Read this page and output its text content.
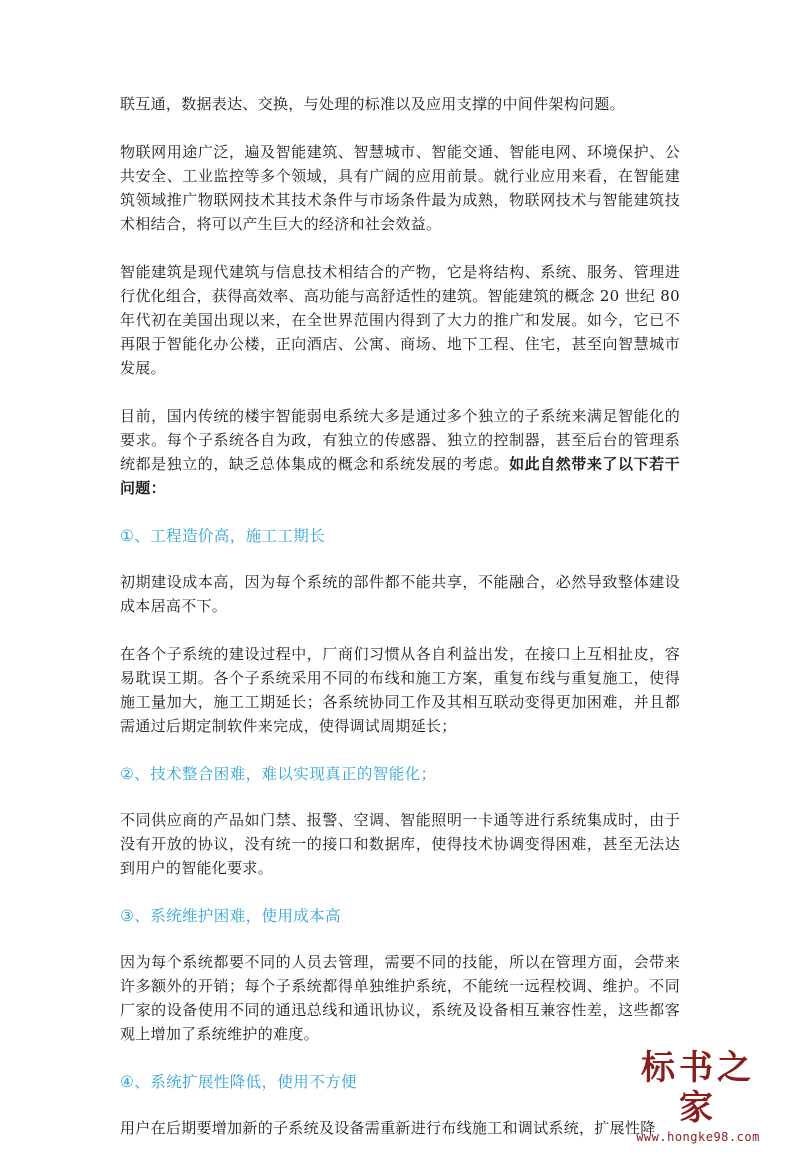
联互通，数据表达、交换，与处理的标准以及应用支撑的中间件架构问题。

物联网用途广泛，遍及智能建筑、智慧城市、智能交通、智能电网、环境保护、公共安全、工业监控等多个领域，具有广阔的应用前景。就行业应用来看，在智能建筑领域推广物联网技术其技术条件与市场条件最为成熟，物联网技术与智能建筑技术相结合，将可以产生巨大的经济和社会效益。

智能建筑是现代建筑与信息技术相结合的产物，它是将结构、系统、服务、管理进行优化组合，获得高效率、高功能与高舒适性的建筑。智能建筑的概念 20 世纪 80 年代初在美国出现以来，在全世界范围内得到了大力的推广和发展。如今，它已不再限于智能化办公楼，正向酒店、公寓、商场、地下工程、住宅，甚至向智慧城市发展。

目前，国内传统的楼宇智能弱电系统大多是通过多个独立的子系统来满足智能化的要求。每个子系统各自为政，有独立的传感器、独立的控制器，甚至后台的管理系统都是独立的，缺乏总体集成的概念和系统发展的考虑。如此自然带来了以下若干问题：

①、工程造价高，施工工期长

初期建设成本高，因为每个系统的部件都不能共享，不能融合，必然导致整体建设成本居高不下。

在各个子系统的建设过程中，厂商们习惯从各自利益出发，在接口上互相扯皮，容易耽误工期。各个子系统采用不同的布线和施工方案，重复布线与重复施工，使得施工量加大，施工工期延长；各系统协同工作及其相互联动变得更加困难，并且都需通过后期定制软件来完成，使得调试周期延长；

②、技术整合困难，难以实现真正的智能化；

不同供应商的产品如门禁、报警、空调、智能照明一卡通等进行系统集成时，由于没有开放的协议，没有统一的接口和数据库，使得技术协调变得困难，甚至无法达到用户的智能化要求。

③、系统维护困难，使用成本高

因为每个系统都要不同的人员去管理，需要不同的技能，所以在管理方面，会带来许多额外的开销；每个子系统都得单独维护系统，不能统一远程校调、维护。不同厂家的设备使用不同的通迅总线和通讯协议，系统及设备相互兼容性差，这些都客观上增加了系统维护的难度。

④、系统扩展性降低，使用不方便

用户在后期要增加新的子系统及设备需重新进行布线施工和调试系统，扩展性降

标书之家
www.hongke98.com
